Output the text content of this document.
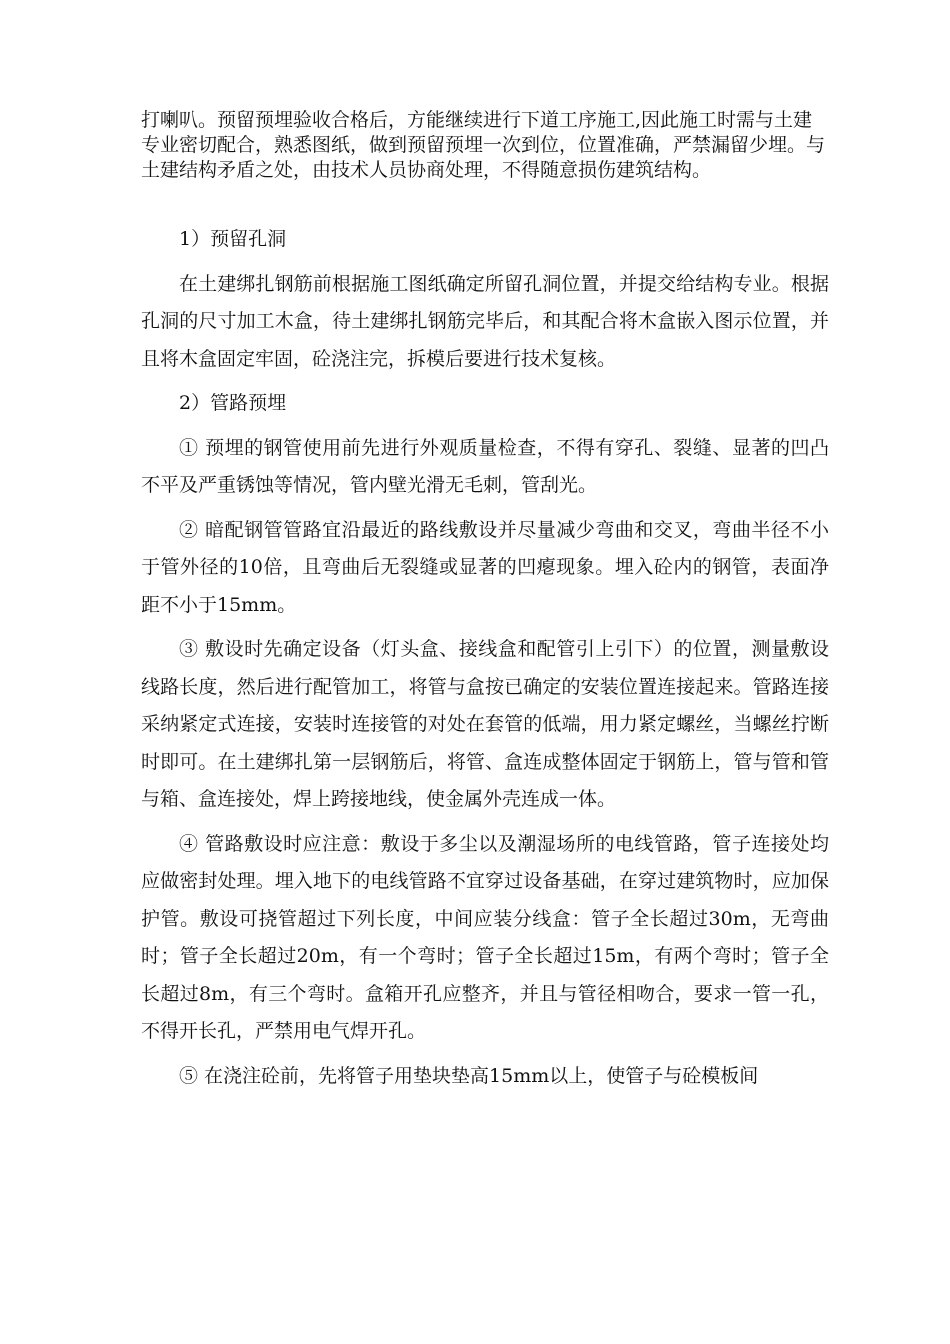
打喇叭。预留预埋验收合格后，方能继续进行下道工序施工,因此施工时需与土建专业密切配合，熟悉图纸，做到预留预埋一次到位，位置准确，严禁漏留少埋。与土建结构矛盾之处，由技术人员协商处理，不得随意损伤建筑结构。

1）预留孔洞

在土建绑扎钢筋前根据施工图纸确定所留孔洞位置，并提交给结构专业。根据孔洞的尺寸加工木盒，待土建绑扎钢筋完毕后，和其配合将木盒嵌入图示位置，并且将木盒固定牢固，砼浇注完，拆模后要进行技术复核。

2）管路预埋

① 预埋的钢管使用前先进行外观质量检查，不得有穿孔、裂缝、显著的凹凸不平及严重锈蚀等情况，管内壁光滑无毛刺，管刮光。

② 暗配钢管管路宜沿最近的路线敷设并尽量减少弯曲和交叉，弯曲半径不小于管外径的10倍，且弯曲后无裂缝或显著的凹瘪现象。埋入砼内的钢管，表面净距不小于15mm。

③ 敷设时先确定设备（灯头盒、接线盒和配管引上引下）的位置，测量敷设线路长度，然后进行配管加工，将管与盒按已确定的安装位置连接起来。管路连接采纳紧定式连接，安装时连接管的对处在套管的低端，用力紧定螺丝，当螺丝拧断时即可。在土建绑扎第一层钢筋后，将管、盒连成整体固定于钢筋上，管与管和管与箱、盒连接处，焊上跨接地线，使金属外壳连成一体。

④ 管路敷设时应注意：敷设于多尘以及潮湿场所的电线管路，管子连接处均应做密封处理。埋入地下的电线管路不宜穿过设备基础，在穿过建筑物时，应加保护管。敷设可挠管超过下列长度，中间应装分线盒：管子全长超过30m，无弯曲时；管子全长超过20m，有一个弯时；管子全长超过15m，有两个弯时；管子全长超过8m，有三个弯时。盒箱开孔应整齐，并且与管径相吻合，要求一管一孔，不得开长孔，严禁用电气焊开孔。

⑤ 在浇注砼前，先将管子用垫块垫高15mm以上，使管子与砼模板间
